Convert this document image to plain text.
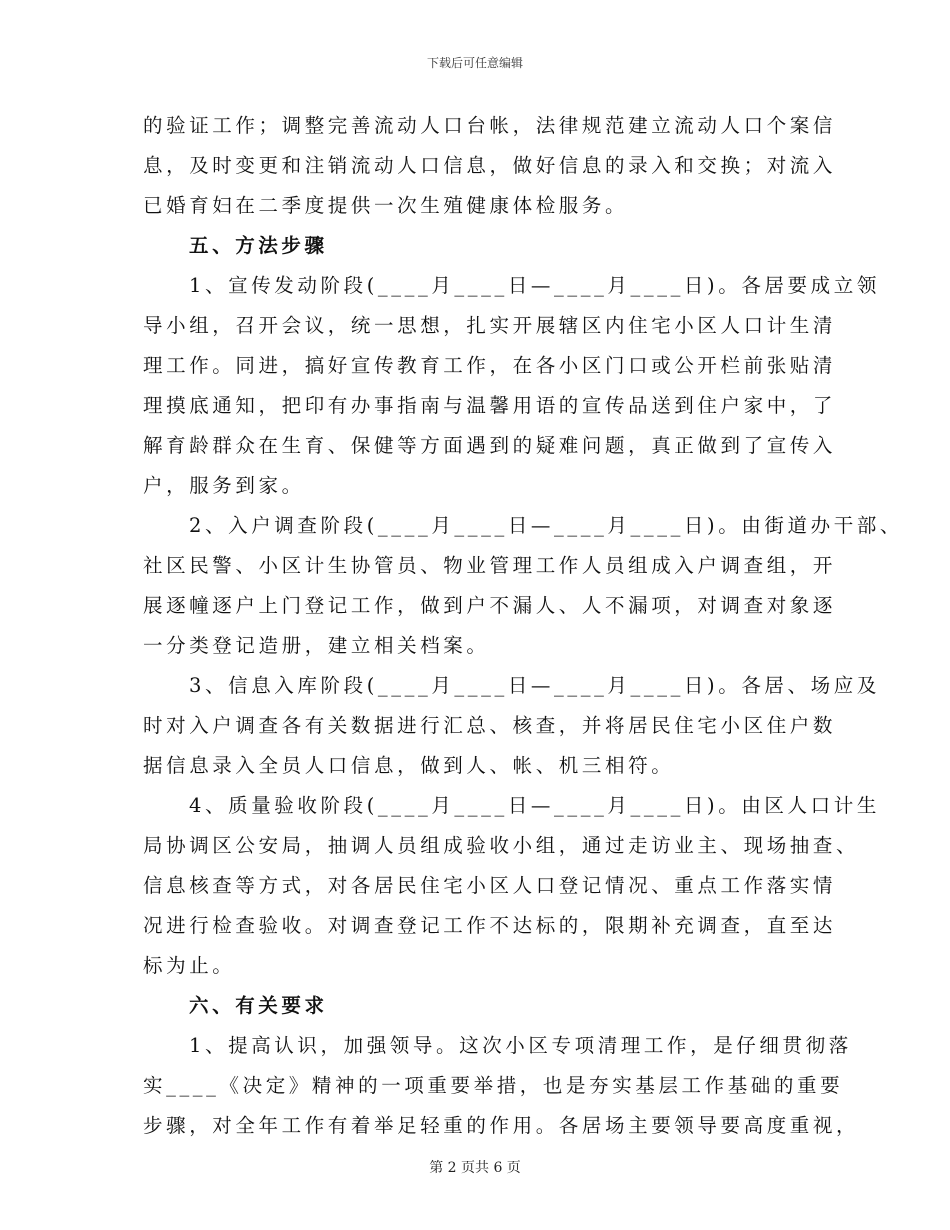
下载后可任意编辑
的验证工作；调整完善流动人口台帐，法律规范建立流动人口个案信
息，及时变更和注销流动人口信息，做好信息的录入和交换；对流入
已婚育妇在二季度提供一次生殖健康体检服务。
五、方法步骤
1、宣传发动阶段(____月____日—____月____日)。各居要成立领
导小组，召开会议，统一思想，扎实开展辖区内住宅小区人口计生清
理工作。同进，搞好宣传教育工作，在各小区门口或公开栏前张贴清
理摸底通知，把印有办事指南与温馨用语的宣传品送到住户家中，了
解育龄群众在生育、保健等方面遇到的疑难问题，真正做到了宣传入
户，服务到家。
2、入户调查阶段(____月____日—____月____日)。由街道办干部、
社区民警、小区计生协管员、物业管理工作人员组成入户调查组，开
展逐幢逐户上门登记工作，做到户不漏人、人不漏项，对调查对象逐
一分类登记造册，建立相关档案。
3、信息入库阶段(____月____日—____月____日)。各居、场应及
时对入户调查各有关数据进行汇总、核查，并将居民住宅小区住户数
据信息录入全员人口信息，做到人、帐、机三相符。
4、质量验收阶段(____月____日—____月____日)。由区人口计生
局协调区公安局，抽调人员组成验收小组，通过走访业主、现场抽查、
信息核查等方式，对各居民住宅小区人口登记情况、重点工作落实情
况进行检查验收。对调查登记工作不达标的，限期补充调查，直至达
标为止。
六、有关要求
1、提高认识，加强领导。这次小区专项清理工作，是仔细贯彻落
实____《决定》精神的一项重要举措，也是夯实基层工作基础的重要
步骤，对全年工作有着举足轻重的作用。各居场主要领导要高度重视，
第 2 页共 6 页
